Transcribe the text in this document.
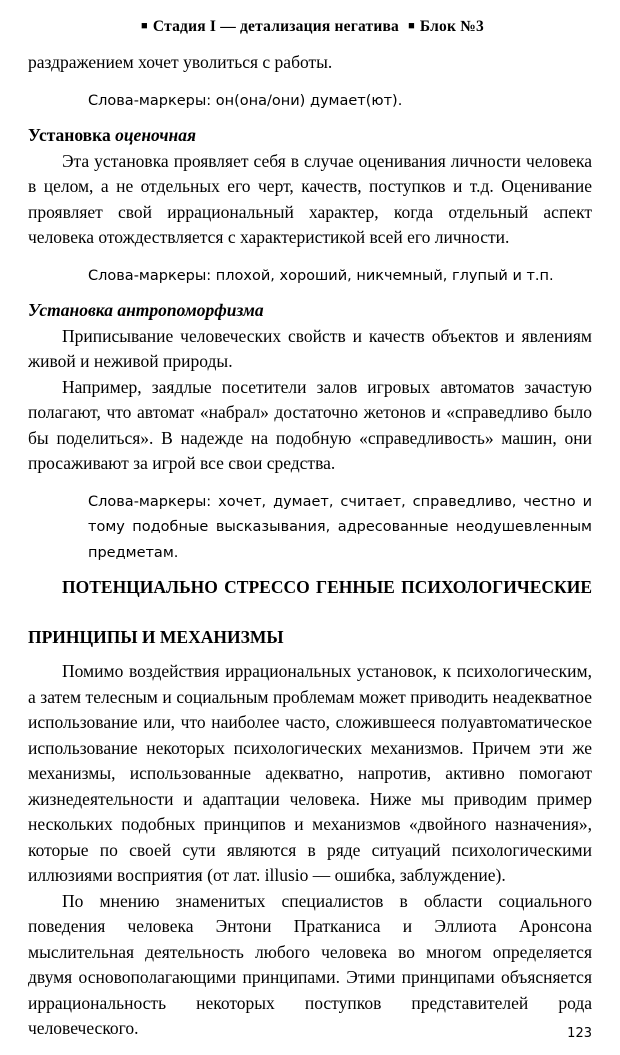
■ Стадия I — детализация негатива ■ Блок №3

раздражением хочет уволиться с работы.

Слова-маркеры: он(она/они) думает(ют).

Установка оценочная

Эта установка проявляет себя в случае оценивания личности человека в целом, а не отдельных его черт, качеств, поступков и т.д. Оценивание проявляет свой иррациональный характер, когда отдельный аспект человека отождествляется с характеристикой всей его личности.

Слова-маркеры: плохой, хороший, никчемный, глупый и т.п.

Установка антропоморфизма

Приписывание человеческих свойств и качеств объектов и явлениям живой и неживой природы.

Например, заядлые посетители залов игровых автоматов зачастую полагают, что автомат «набрал» достаточно жетонов и «справедливо было бы поделиться». В надежде на подобную «справедливость» машин, они просаживают за игрой все свои средства.

Слова-маркеры: хочет, думает, считает, справедливо, честно и тому подобные высказывания, адресованные неодушевленным предметам.

ПОТЕНЦИАЛЬНО СТРЕССО ГЕННЫЕ ПСИХОЛОГИЧЕСКИЕ
ПРИНЦИПЫ И МЕХАНИЗМЫ

Помимо воздействия иррациональных установок, к психологическим, а затем телесным и социальным проблемам может приводить неадекватное использование или, что наиболее часто, сложившееся полуавтоматическое использование некоторых психологических механизмов. Причем эти же механизмы, использованные адекватно, напротив, активно помогают жизнедеятельности и адаптации человека. Ниже мы приводим пример нескольких подобных принципов и механизмов «двойного назначения», которые по своей сути являются в ряде ситуаций психологическими иллюзиями восприятия (от лат. illusio — ошибка, заблуждение).

По мнению знаменитых специалистов в области социального поведения человека Энтони Пратканиса и Эллиота Аронсона мыслительная деятельность любого человека во многом определяется двумя основополагающими принципами. Этими принципами объясняется иррациональность некоторых поступков представителей рода человеческого.	123
